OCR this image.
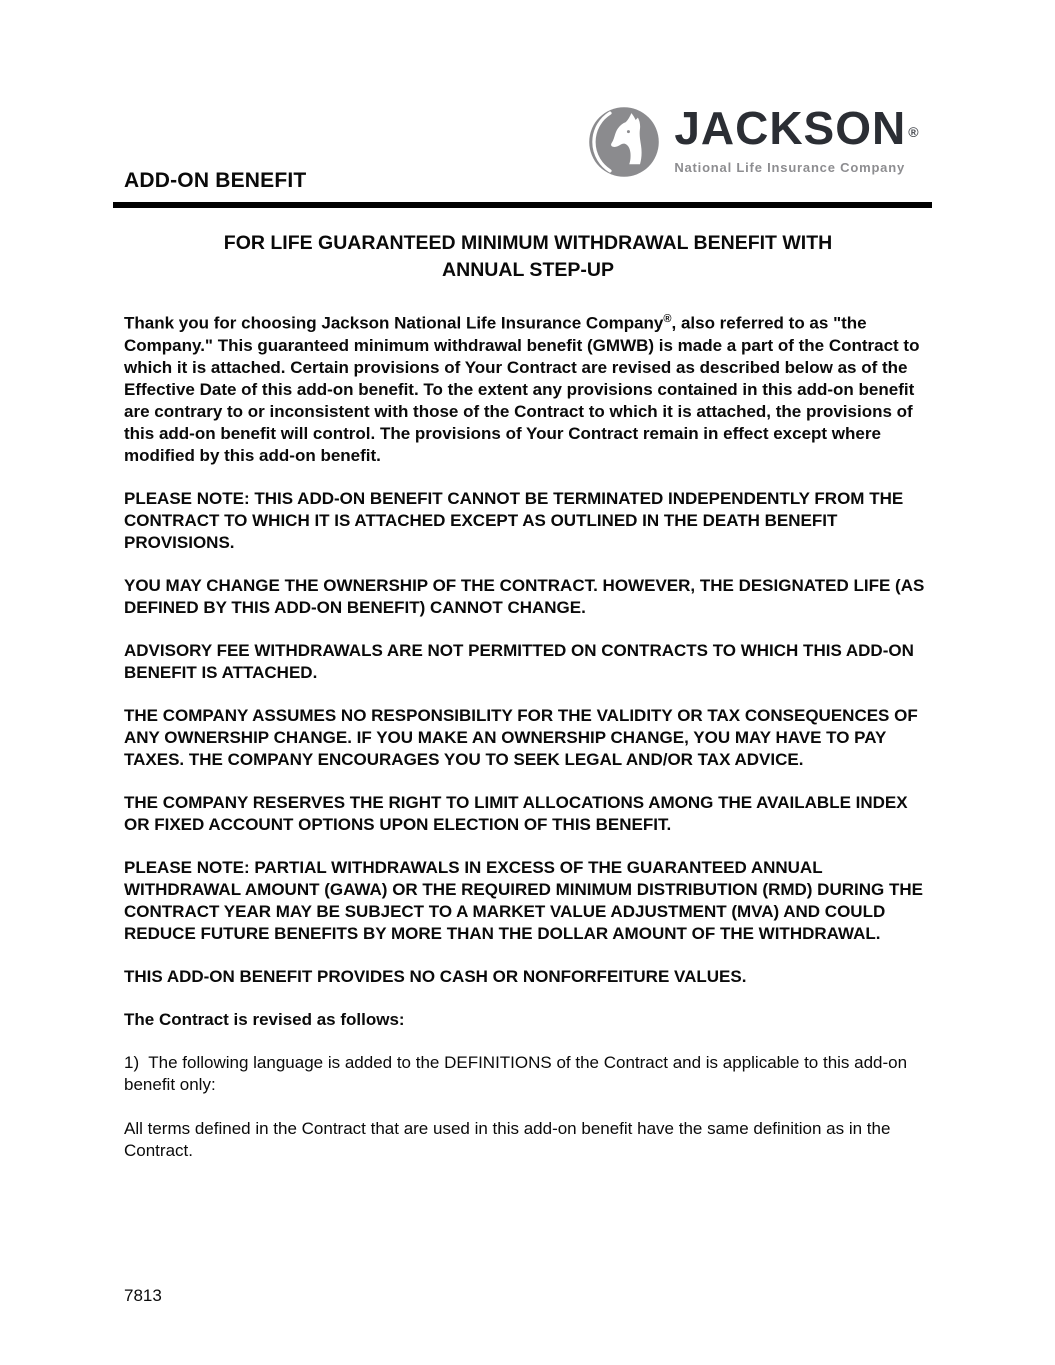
JACKSON ®
National Life Insurance Company
ADD-ON BENEFIT
FOR LIFE GUARANTEED MINIMUM WITHDRAWAL BENEFIT WITH
ANNUAL STEP-UP

Thank you for choosing Jackson National Life Insurance Company®, also referred to as "the Company." This guaranteed minimum withdrawal benefit (GMWB) is made a part of the Contract to which it is attached. Certain provisions of Your Contract are revised as described below as of the Effective Date of this add-on benefit. To the extent any provisions contained in this add-on benefit are contrary to or inconsistent with those of the Contract to which it is attached, the provisions of this add-on benefit will control. The provisions of Your Contract remain in effect except where modified by this add-on benefit.

PLEASE NOTE: THIS ADD-ON BENEFIT CANNOT BE TERMINATED INDEPENDENTLY FROM THE CONTRACT TO WHICH IT IS ATTACHED EXCEPT AS OUTLINED IN THE DEATH BENEFIT PROVISIONS.

YOU MAY CHANGE THE OWNERSHIP OF THE CONTRACT. HOWEVER, THE DESIGNATED LIFE (AS DEFINED BY THIS ADD-ON BENEFIT) CANNOT CHANGE.

ADVISORY FEE WITHDRAWALS ARE NOT PERMITTED ON CONTRACTS TO WHICH THIS ADD-ON BENEFIT IS ATTACHED.

THE COMPANY ASSUMES NO RESPONSIBILITY FOR THE VALIDITY OR TAX CONSEQUENCES OF ANY OWNERSHIP CHANGE. IF YOU MAKE AN OWNERSHIP CHANGE, YOU MAY HAVE TO PAY TAXES. THE COMPANY ENCOURAGES YOU TO SEEK LEGAL AND/OR TAX ADVICE.

THE COMPANY RESERVES THE RIGHT TO LIMIT ALLOCATIONS AMONG THE AVAILABLE INDEX OR FIXED ACCOUNT OPTIONS UPON ELECTION OF THIS BENEFIT.

PLEASE NOTE: PARTIAL WITHDRAWALS IN EXCESS OF THE GUARANTEED ANNUAL WITHDRAWAL AMOUNT (GAWA) OR THE REQUIRED MINIMUM DISTRIBUTION (RMD) DURING THE CONTRACT YEAR MAY BE SUBJECT TO A MARKET VALUE ADJUSTMENT (MVA) AND COULD REDUCE FUTURE BENEFITS BY MORE THAN THE DOLLAR AMOUNT OF THE WITHDRAWAL.

THIS ADD-ON BENEFIT PROVIDES NO CASH OR NONFORFEITURE VALUES.

The Contract is revised as follows:

1)  The following language is added to the DEFINITIONS of the Contract and is applicable to this add-on benefit only:

All terms defined in the Contract that are used in this add-on benefit have the same definition as in the Contract.

7813
